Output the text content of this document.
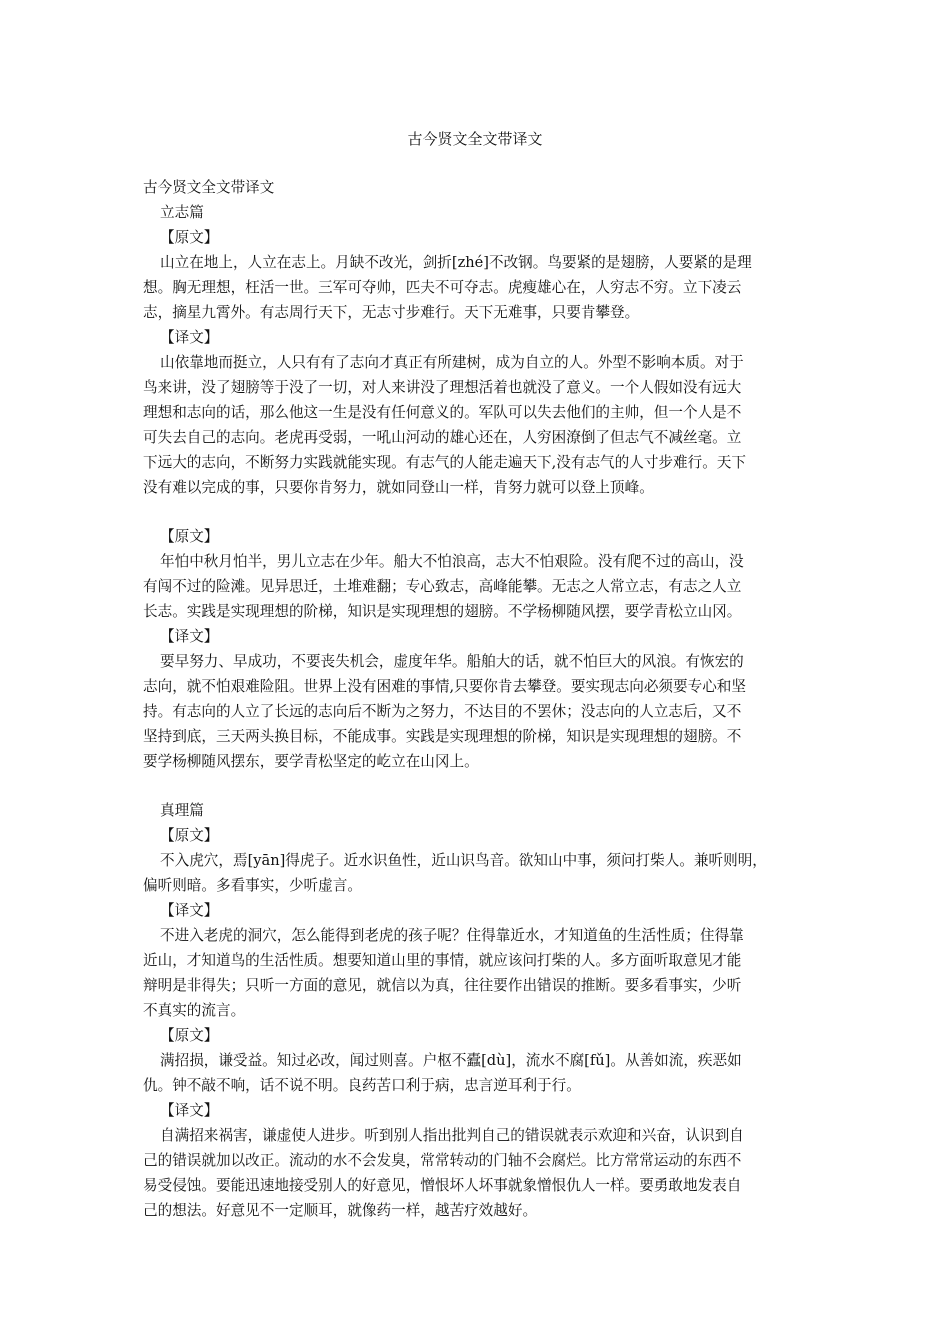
古今贤文全文带译文
古今贤文全文带译文
立志篇
【原文】
山立在地上，人立在志上。月缺不改光，剑折[zhé]不改钢。鸟要紧的是翅膀，人要紧的是理
想。胸无理想，枉活一世。三军可夺帅，匹夫不可夺志。虎瘦雄心在，人穷志不穷。立下凌云
志，摘星九霄外。有志周行天下，无志寸步难行。天下无难事，只要肯攀登。
【译文】
山依靠地而挺立，人只有有了志向才真正有所建树，成为自立的人。外型不影响本质。对于
鸟来讲，没了翅膀等于没了一切，对人来讲没了理想活着也就没了意义。一个人假如没有远大
理想和志向的话，那么他这一生是没有任何意义的。军队可以失去他们的主帅，但一个人是不
可失去自己的志向。老虎再受弱，一吼山河动的雄心还在，人穷困潦倒了但志气不减丝毫。立
下远大的志向，不断努力实践就能实现。有志气的人能走遍天下,没有志气的人寸步难行。天下
没有难以完成的事，只要你肯努力，就如同登山一样，肯努力就可以登上顶峰。
【原文】
年怕中秋月怕半，男儿立志在少年。船大不怕浪高，志大不怕艰险。没有爬不过的高山，没
有闯不过的险滩。见异思迁，土堆难翻；专心致志，高峰能攀。无志之人常立志，有志之人立
长志。实践是实现理想的阶梯，知识是实现理想的翅膀。不学杨柳随风摆，要学青松立山冈。
【译文】
要早努力、早成功，不要丧失机会，虚度年华。船舶大的话，就不怕巨大的风浪。有恢宏的
志向，就不怕艰难险阻。世界上没有困难的事情,只要你肯去攀登。要实现志向必须要专心和坚
持。有志向的人立了长远的志向后不断为之努力，不达目的不罢休；没志向的人立志后，又不
坚持到底，三天两头换目标，不能成事。实践是实现理想的阶梯，知识是实现理想的翅膀。不
要学杨柳随风摆东，要学青松坚定的屹立在山冈上。
真理篇
【原文】
不入虎穴，焉[yān]得虎子。近水识鱼性，近山识鸟音。欲知山中事，须问打柴人。兼听则明，
偏听则暗。多看事实，少听虚言。
【译文】
不进入老虎的洞穴，怎么能得到老虎的孩子呢？住得靠近水，才知道鱼的生活性质；住得靠
近山，才知道鸟的生活性质。想要知道山里的事情，就应该问打柴的人。多方面听取意见才能
辩明是非得失；只听一方面的意见，就信以为真，往往要作出错误的推断。要多看事实，少听
不真实的流言。
【原文】
满招损，谦受益。知过必改，闻过则喜。户枢不蠹[dù]，流水不腐[fǔ]。从善如流，疾恶如
仇。钟不敲不响，话不说不明。良药苦口利于病，忠言逆耳利于行。
【译文】
自满招来祸害，谦虚使人进步。听到别人指出批判自己的错误就表示欢迎和兴奋，认识到自
己的错误就加以改正。流动的水不会发臭，常常转动的门轴不会腐烂。比方常常运动的东西不
易受侵蚀。要能迅速地接受别人的好意见，憎恨坏人坏事就象憎恨仇人一样。要勇敢地发表自
己的想法。好意见不一定顺耳，就像药一样，越苦疗效越好。
